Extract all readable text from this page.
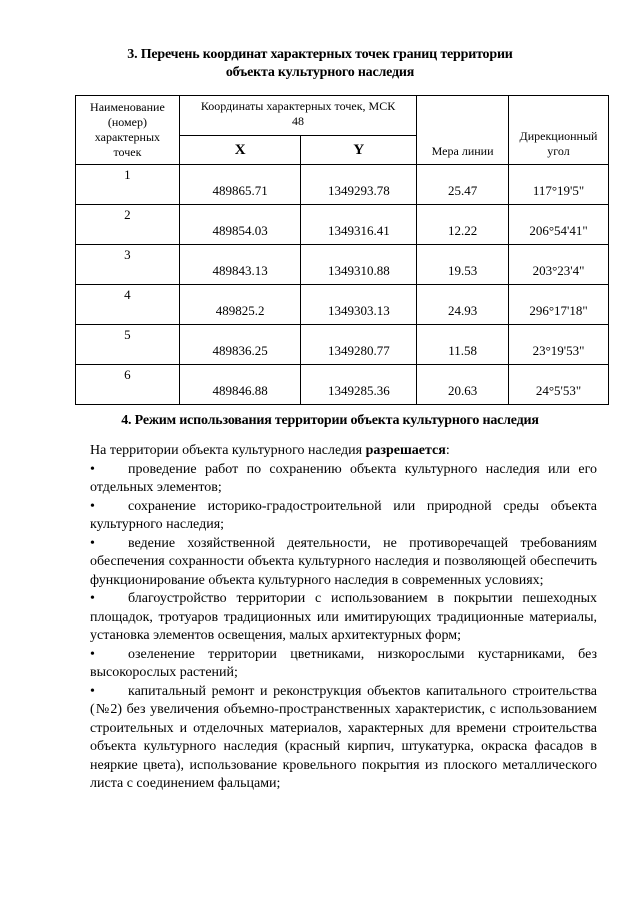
3. Перечень координат характерных точек границ территории
объекта культурного наследия
Наименование
(номер)
характерных
точек	Координаты характерных точек, МСК 48		Мера линии	Дирекционный угол
	X	Y		
1	489865.71	1349293.78	25.47	117°19'5"
2	489854.03	1349316.41	12.22	206°54'41"
3	489843.13	1349310.88	19.53	203°23'4"
4	489825.2	1349303.13	24.93	296°17'18"
5	489836.25	1349280.77	11.58	23°19'53"
6	489846.88	1349285.36	20.63	24°5'53"
4. Режим использования территории объекта культурного наследия

На территории объекта культурного наследия разрешается:

• проведение работ по сохранению объекта культурного наследия или его отдельных элементов;

• сохранение историко-градостроительной или природной среды объекта культурного наследия;

• ведение хозяйственной деятельности, не противоречащей требованиям обеспечения сохранности объекта культурного наследия и позволяющей обеспечить функционирование объекта культурного наследия в современных условиях;

• благоустройство территории с использованием в покрытии пешеходных площадок, тротуаров традиционных или имитирующих традиционные материалы, установка элементов освещения, малых архитектурных форм;

• озеленение территории цветниками, низкорослыми кустарниками, без высокорослых растений;

• капитальный ремонт и реконструкция объектов капитального строительства (№2) без увеличения объемно-пространственных характеристик, с использованием строительных и отделочных материалов, характерных для времени строительства объекта культурного наследия (красный кирпич, штукатурка, окраска фасадов в неяркие цвета), использование кровельного покрытия из плоского металлического листа с соединением фальцами;
